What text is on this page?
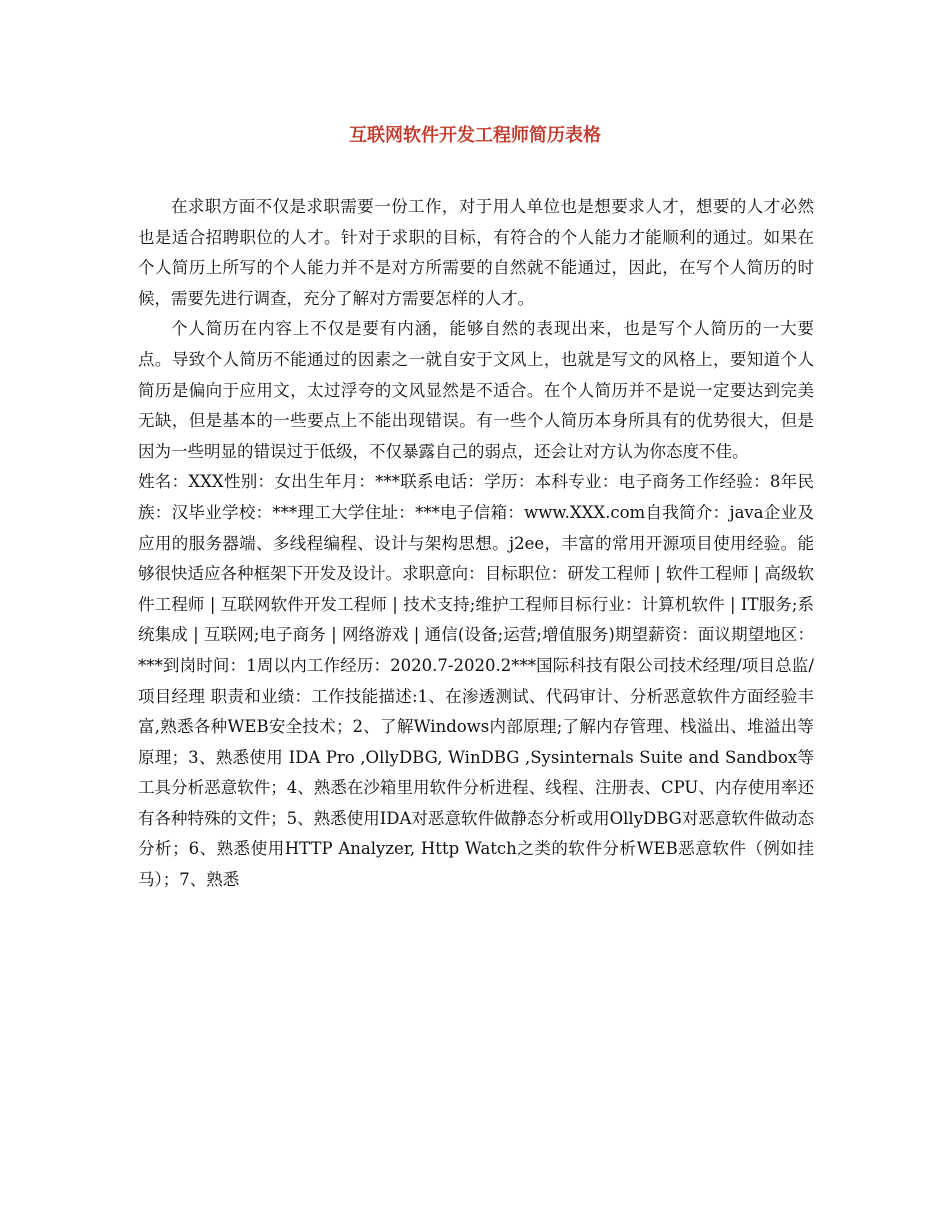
互联网软件开发工程师简历表格

在求职方面不仅是求职需要一份工作，对于用人单位也是想要求人才，想要的人才必然也是适合招聘职位的人才。针对于求职的目标，有符合的个人能力才能顺利的通过。如果在个人简历上所写的个人能力并不是对方所需要的自然就不能通过，因此，在写个人简历的时候，需要先进行调查，充分了解对方需要怎样的人才。

个人简历在内容上不仅是要有内涵，能够自然的表现出来，也是写个人简历的一大要点。导致个人简历不能通过的因素之一就自安于文风上，也就是写文的风格上，要知道个人简历是偏向于应用文，太过浮夸的文风显然是不适合。在个人简历并不是说一定要达到完美无缺，但是基本的一些要点上不能出现错误。有一些个人简历本身所具有的优势很大，但是因为一些明显的错误过于低级，不仅暴露自己的弱点，还会让对方认为你态度不佳。

姓名：XXX性别：女出生年月：***联系电话：学历：本科专业：电子商务工作经验：8年民族：汉毕业学校：***理工大学住址：***电子信箱：www.XXX.com自我简介：java企业及应用的服务器端、多线程编程、设计与架构思想。j2ee，丰富的常用开源项目使用经验。能够很快适应各种框架下开发及设计。求职意向：目标职位：研发工程师 | 软件工程师 | 高级软件工程师 | 互联网软件开发工程师 | 技术支持;维护工程师目标行业：计算机软件 | IT服务;系统集成 | 互联网;电子商务 | 网络游戏 | 通信(设备;运营;增值服务)期望薪资：面议期望地区：***到岗时间：1周以内工作经历：2020.7-2020.2***国际科技有限公司技术经理/项目总监/项目经理 职责和业绩：工作技能描述:1、在渗透测试、代码审计、分析恶意软件方面经验丰富,熟悉各种WEB安全技术；2、了解Windows内部原理;了解内存管理、栈溢出、堆溢出等原理；3、熟悉使用 IDA Pro ,OllyDBG, WinDBG ,Sysinternals Suite and Sandbox等工具分析恶意软件；4、熟悉在沙箱里用软件分析进程、线程、注册表、CPU、内存使用率还有各种特殊的文件；5、熟悉使用IDA对恶意软件做静态分析或用OllyDBG对恶意软件做动态分析；6、熟悉使用HTTP Analyzer, Http Watch之类的软件分析WEB恶意软件（例如挂马）；7、熟悉
